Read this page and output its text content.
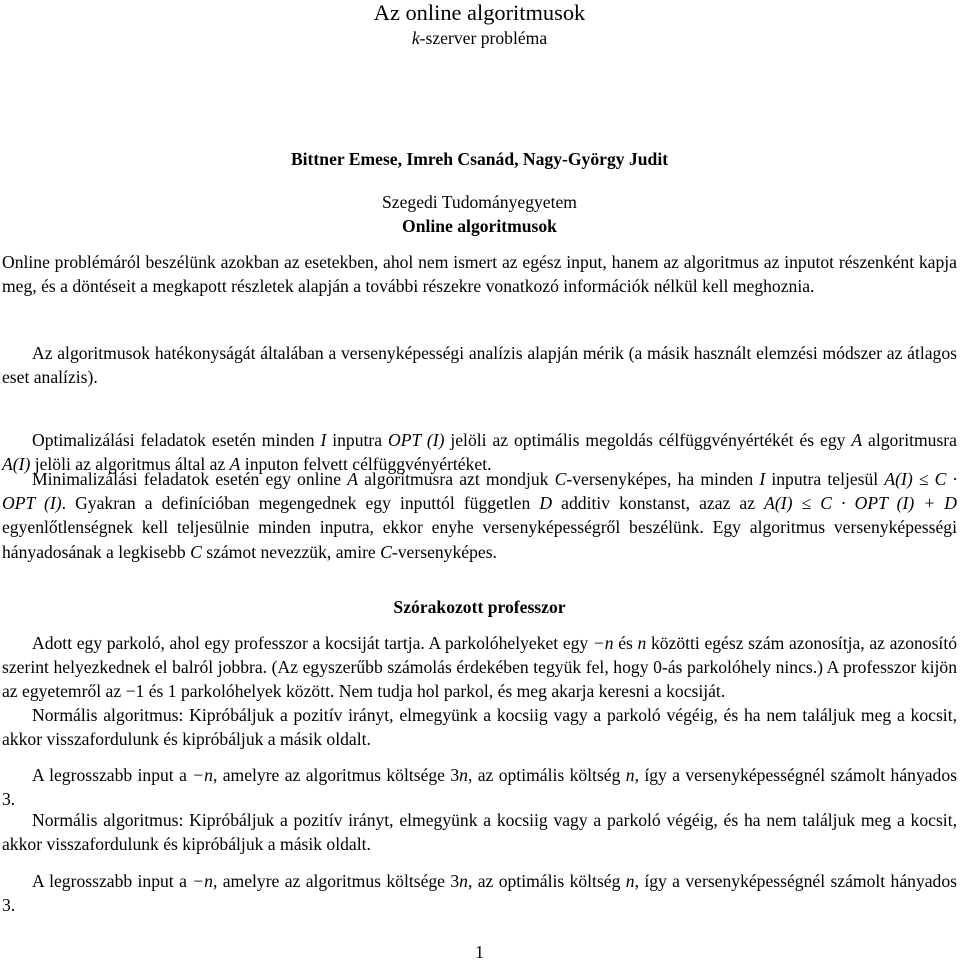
Az online algoritmusok
k-szerver probléma
Bittner Emese, Imreh Csanád, Nagy-György Judit
Szegedi Tudományegyetem
Online algoritmusok
Online problémáról beszélünk azokban az esetekben, ahol nem ismert az egész input, hanem az algoritmus az inputot részenként kapja meg, és a döntéseit a megkapott részletek alapján a további részekre vonatkozó információk nélkül kell meghoznia.
Az algoritmusok hatékonyságát általában a versenyképességi analízis alapján mérik (a másik használt elemzési módszer az átlagos eset analízis).
Optimalizálási feladatok esetén minden I inputra OPT (I) jelöli az optimális megoldás célfüggvényértékét és egy A algoritmusra A(I) jelöli az algoritmus által az A inputon felvett célfüggvényértéket.
Minimalizálási feladatok esetén egy online A algoritmusra azt mondjuk C-versenyképes, ha minden I inputra teljesül A(I) ≤ C · OPT (I). Gyakran a definícióban megengednek egy inputtól független D additiv konstanst, azaz az A(I) ≤ C · OPT (I) + D egyenlőtlenségnek kell teljesülnie minden inputra, ekkor enyhe versenyképességről beszélünk. Egy algoritmus versenyképességi hányadosának a legkisebb C számot nevezzük, amire C-versenyképes.
Szórakozott professzor
Adott egy parkoló, ahol egy professzor a kocsiját tartja. A parkolóhelyeket egy −n és n közötti egész szám azonosítja, az azonosító szerint helyezkednek el balról jobbra. (Az egyszerűbb számolás érdekében tegyük fel, hogy 0-ás parkolóhely nincs.) A professzor kijön az egyetemről az −1 és 1 parkolóhelyek között. Nem tudja hol parkol, és meg akarja keresni a kocsiját.
Normális algoritmus: Kipróbáljuk a pozitív irányt, elmegyünk a kocsiig vagy a parkoló végéig, és ha nem találjuk meg a kocsit, akkor visszafordulunk és kipróbáljuk a másik oldalt.
A legrosszabb input a −n, amelyre az algoritmus költsége 3n, az optimális költség n, így a versenyképességnél számolt hányados 3.
Normális algoritmus: Kipróbáljuk a pozitív irányt, elmegyünk a kocsiig vagy a parkoló végéig, és ha nem találjuk meg a kocsit, akkor visszafordulunk és kipróbáljuk a másik oldalt.
A legrosszabb input a −n, amelyre az algoritmus költsége 3n, az optimális költség n, így a versenyképességnél számolt hányados 3.
1
